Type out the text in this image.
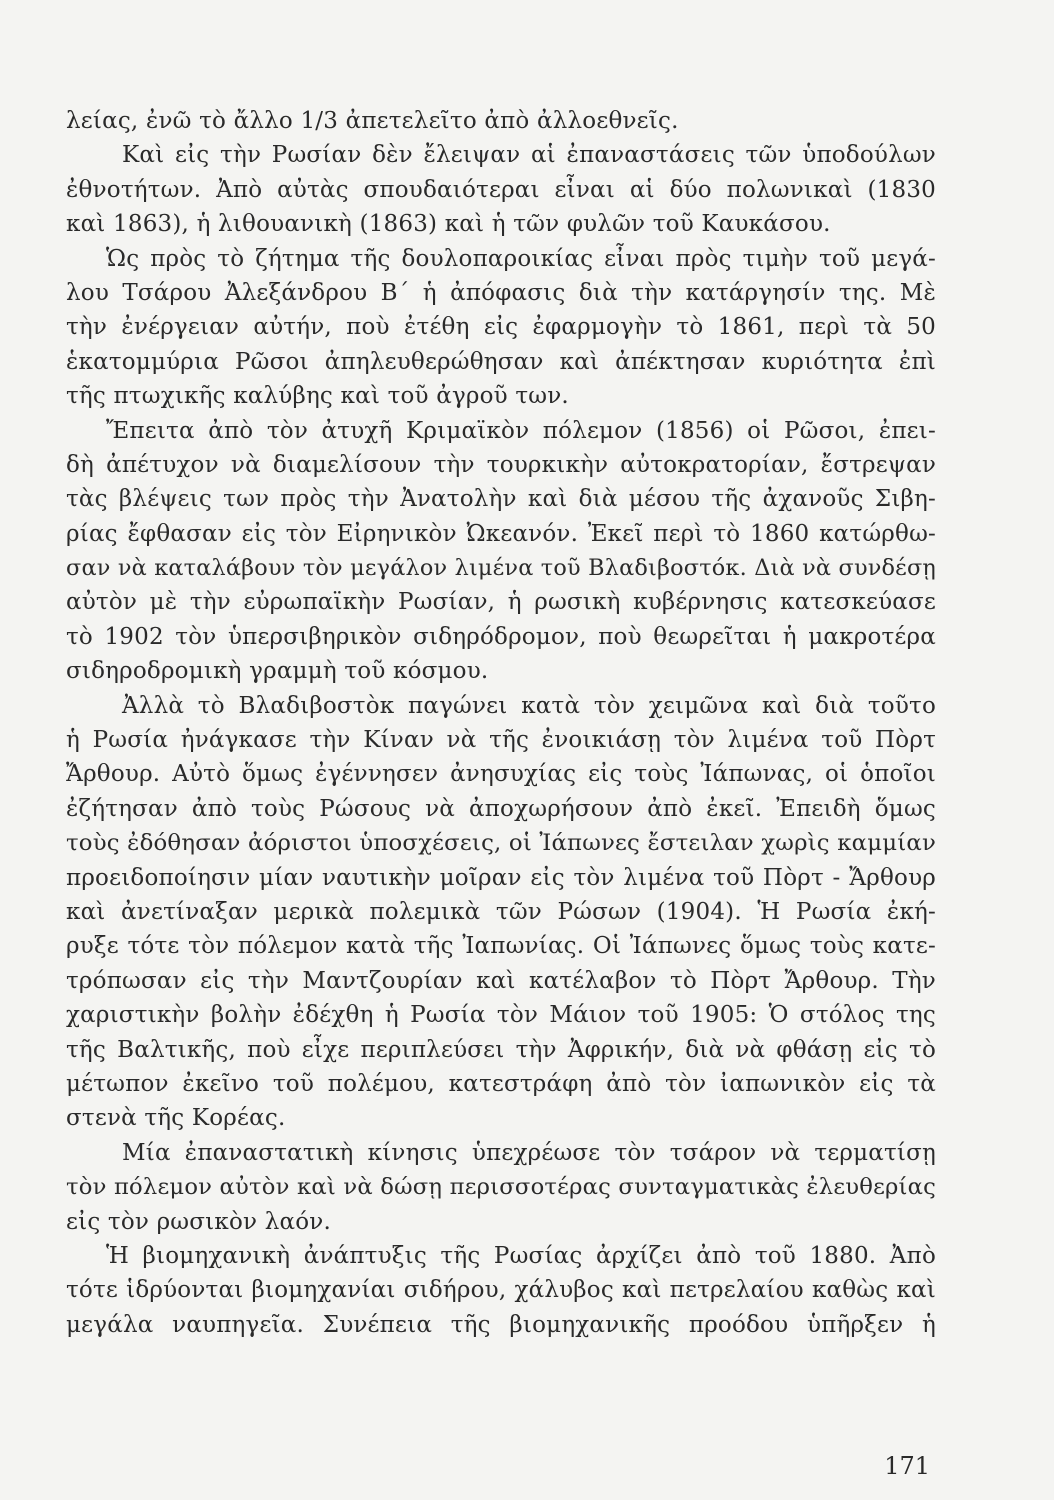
λείας, ἐνῶ τὸ ἄλλο 1/3 ἀπετελεῖτο ἀπὸ ἀλλοεθνεῖς.
Καὶ εἰς τὴν Ρωσίαν δὲν ἔλειψαν αἱ ἐπαναστάσεις τῶν ὑποδούλων
ἐθνοτήτων. Ἀπὸ αὐτὰς σπουδαιότεραι εἶναι αἱ δύο πολωνικαὶ (1830
καὶ 1863), ἡ λιθουανικὴ (1863) καὶ ἡ τῶν φυλῶν τοῦ Καυκάσου.
Ὡς πρὸς τὸ ζήτημα τῆς δουλοπαροικίας εἶναι πρὸς τιμὴν τοῦ μεγά-
λου Τσάρου Ἀλεξάνδρου Β΄ ἡ ἀπόφασις διὰ τὴν κατάργησίν της. Μὲ
τὴν ἐνέργειαν αὐτήν, ποὺ ἐτέθη εἰς ἐφαρμογὴν τὸ 1861, περὶ τὰ 50
ἑκατομμύρια Ρῶσοι ἀπηλευθερώθησαν καὶ ἀπέκτησαν κυριότητα ἐπὶ
τῆς πτωχικῆς καλύβης καὶ τοῦ ἀγροῦ των.
Ἔπειτα ἀπὸ τὸν ἀτυχῆ Κριμαϊκὸν πόλεμον (1856) οἱ Ρῶσοι, ἐπει-
δὴ ἀπέτυχον νὰ διαμελίσουν τὴν τουρκικὴν αὐτοκρατορίαν, ἔστρεψαν
τὰς βλέψεις των πρὸς τὴν Ἀνατολὴν καὶ διὰ μέσου τῆς ἀχανοῦς Σιβη-
ρίας ἔφθασαν εἰς τὸν Εἰρηνικὸν Ὠκεανόν. Ἐκεῖ περὶ τὸ 1860 κατώρθω-
σαν νὰ καταλάβουν τὸν μεγάλον λιμένα τοῦ Βλαδιβοστόκ. Διὰ νὰ συνδέσῃ
αὐτὸν μὲ τὴν εὐρωπαϊκὴν Ρωσίαν, ἡ ρωσικὴ κυβέρνησις κατεσκεύασε
τὸ 1902 τὸν ὑπερσιβηρικὸν σιδηρόδρομον, ποὺ θεωρεῖται ἡ μακροτέρα
σιδηροδρομικὴ γραμμὴ τοῦ κόσμου.
Ἀλλὰ τὸ Βλαδιβοστὸκ παγώνει κατὰ τὸν χειμῶνα καὶ διὰ τοῦτο
ἡ Ρωσία ἠνάγκασε τὴν Κίναν νὰ τῆς ἐνοικιάσῃ τὸν λιμένα τοῦ Πὸρτ
Ἄρθουρ. Αὐτὸ ὅμως ἐγέννησεν ἀνησυχίας εἰς τοὺς Ἰάπωνας, οἱ ὁποῖοι
ἐζήτησαν ἀπὸ τοὺς Ρώσους νὰ ἀποχωρήσουν ἀπὸ ἐκεῖ. Ἐπειδὴ ὅμως
τοὺς ἐδόθησαν ἀόριστοι ὑποσχέσεις, οἱ Ἰάπωνες ἔστειλαν χωρὶς καμμίαν
προειδοποίησιν μίαν ναυτικὴν μοῖραν εἰς τὸν λιμένα τοῦ Πὸρτ - Ἄρθουρ
καὶ ἀνετίναξαν μερικὰ πολεμικὰ τῶν Ρώσων (1904). Ἡ Ρωσία ἐκή-
ρυξε τότε τὸν πόλεμον κατὰ τῆς Ἰαπωνίας. Οἱ Ἰάπωνες ὅμως τοὺς κατε-
τρόπωσαν εἰς τὴν Μαντζουρίαν καὶ κατέλαβον τὸ Πὸρτ Ἄρθουρ. Τὴν
χαριστικὴν βολὴν ἐδέχθη ἡ Ρωσία τὸν Μάιον τοῦ 1905: Ὁ στόλος της
τῆς Βαλτικῆς, ποὺ εἶχε περιπλεύσει τὴν Ἀφρικήν, διὰ νὰ φθάσῃ εἰς τὸ
μέτωπον ἐκεῖνο τοῦ πολέμου, κατεστράφη ἀπὸ τὸν ἰαπωνικὸν εἰς τὰ
στενὰ τῆς Κορέας.
Μία ἐπαναστατικὴ κίνησις ὑπεχρέωσε τὸν τσάρον νὰ τερματίσῃ
τὸν πόλεμον αὐτὸν καὶ νὰ δώσῃ περισσοτέρας συνταγματικὰς ἐλευθερίας
εἰς τὸν ρωσικὸν λαόν.
Ἡ βιομηχανικὴ ἀνάπτυξις τῆς Ρωσίας ἀρχίζει ἀπὸ τοῦ 1880. Ἀπὸ
τότε ἱδρύονται βιομηχανίαι σιδήρου, χάλυβος καὶ πετρελαίου καθὼς καὶ
μεγάλα ναυπηγεῖα. Συνέπεια τῆς βιομηχανικῆς προόδου ὑπῆρξεν ἡ
171
